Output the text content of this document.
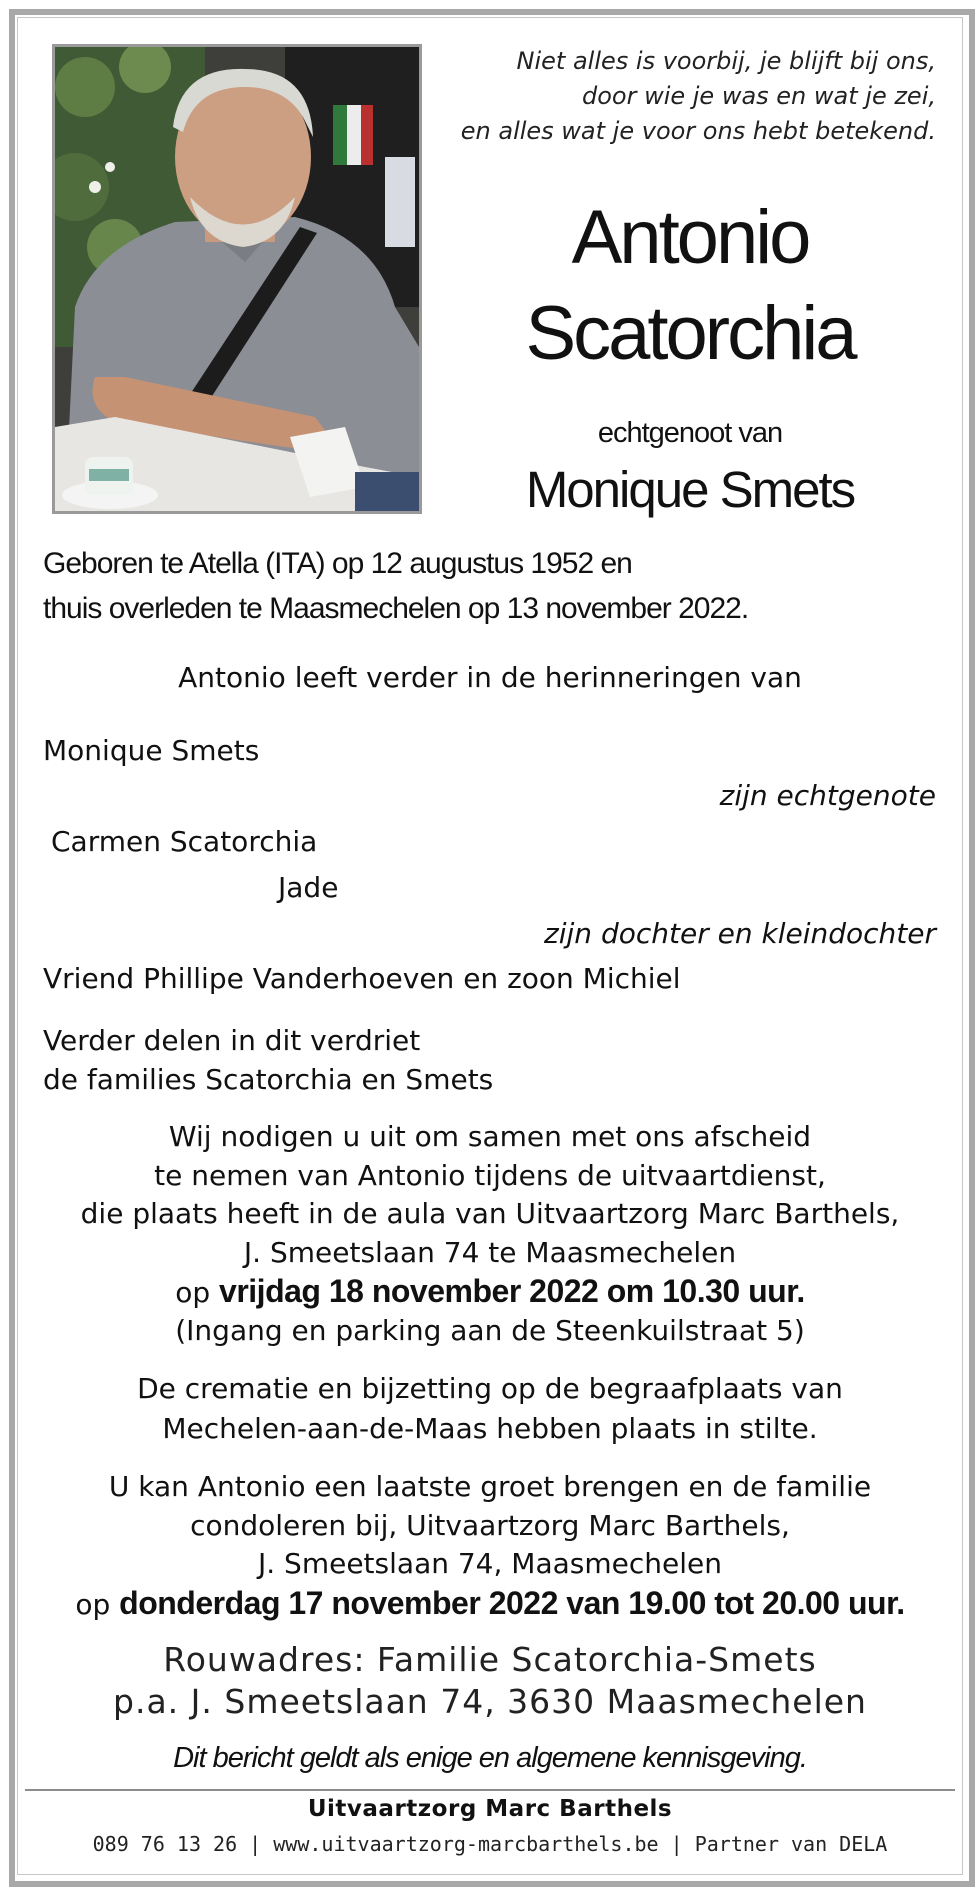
Niet alles is voorbij, je blijft bij ons,
door wie je was en wat je zei,
en alles wat je voor ons hebt betekend.
Antonio
Scatorchia
echtgenoot van
Monique Smets
Geboren te Atella (ITA) op 12 augustus 1952 en
thuis overleden te Maasmechelen op 13 november 2022.
Antonio leeft verder in de herinneringen van
Monique Smets
zijn echtgenote
Carmen Scatorchia
Jade
zijn dochter en kleindochter
Vriend Phillipe Vanderhoeven en zoon Michiel
Verder delen in dit verdriet
de families Scatorchia en Smets
Wij nodigen u uit om samen met ons afscheid
te nemen van Antonio tijdens de uitvaartdienst,
die plaats heeft in de aula van Uitvaartzorg Marc Barthels,
J. Smeetslaan 74 te Maasmechelen
op vrijdag 18 november 2022 om 10.30 uur.
(Ingang en parking aan de Steenkuilstraat 5)
De crematie en bijzetting op de begraafplaats van
Mechelen-aan-de-Maas hebben plaats in stilte.
U kan Antonio een laatste groet brengen en de familie
condoleren bij, Uitvaartzorg Marc Barthels,
J. Smeetslaan 74, Maasmechelen
op donderdag 17 november 2022 van 19.00 tot 20.00 uur.
Rouwadres: Familie Scatorchia-Smets
p.a. J. Smeetslaan 74, 3630 Maasmechelen
Dit bericht geldt als enige en algemene kennisgeving.
Uitvaartzorg Marc Barthels
089 76 13 26 | www.uitvaartzorg-marcbarthels.be | Partner van DELA
